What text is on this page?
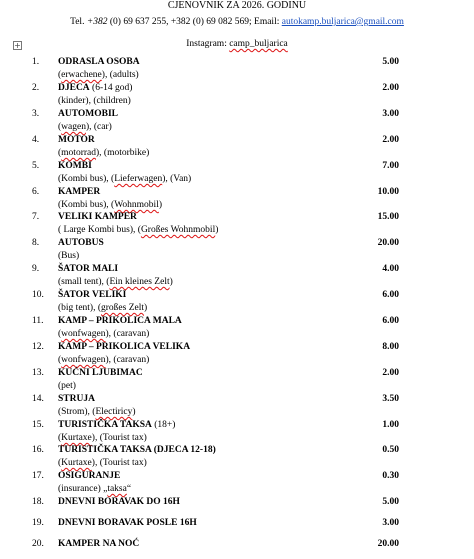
CJENOVNIK ZA 2026. GODINU
Tel. +382 (0) 69 637 255, +382 (0) 69 082 569; Email: autokamp.buljarica@gmail.com
+	Instagram: camp_buljarica
1. ODRASLA OSOBA	5.00
(erwachene), (adults)
2. DJECA (6-14 god)	2.00
(kinder), (children)
3. AUTOMOBIL	3.00
(wagen), (car)
4. MOTOR	2.00
(motorrad), (motorbike)
5. KOMBI	7.00
(Kombi bus), (Lieferwagen), (Van)
6. KAMPER	10.00
(Kombi bus), (Wohnmobil)
7. VELIKI KAMPER	15.00
( Large Kombi bus), (Großes Wohnmobil)
8. AUTOBUS	20.00
(Bus)
9. ŠATOR MALI	4.00
(small tent), (Ein kleines Zelt)
10. ŠATOR VELIKI	6.00
(big tent), (großes Zelt)
11. KAMP – PRIKOLICA MALA	6.00
(wonfwagen), (caravan)
12. KAMP – PRIKOLICA VELIKA	8.00
(wonfwagen), (caravan)
13. KUĆNI LJUBIMAC	2.00
(pet)
14. STRUJA	3.50
(Strom), (Electiricy)
15. TURISTIČKA TAKSA (18+)	1.00
(Kurtaxe), (Tourist tax)
16. TURISTIČKA TAKSA (DJECA 12-18)	0.50
(Kurtaxe), (Tourist tax)
17. OSIGURANJE	0.30
(insurance) „taksa“
18. DNEVNI BORAVAK DO 16H	5.00
19. DNEVNI BORAVAK POSLE 16H	3.00
20. KAMPER NA NOĆ	20.00
